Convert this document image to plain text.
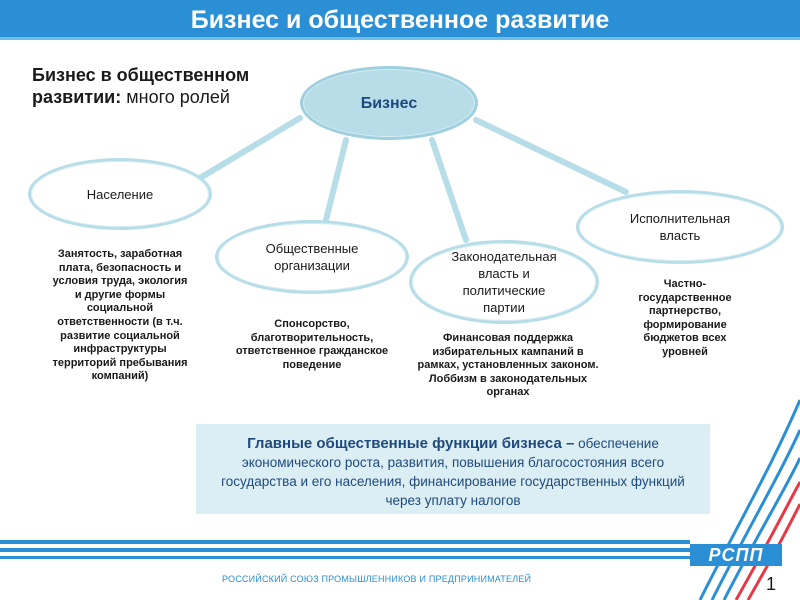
Бизнес и общественное развитие
Бизнес в общественном развитии: много ролей	Бизнес
Население
Общественные организации
Законодательная власть и политические партии
Исполнительная власть
Занятость, заработная плата, безопасность и условия труда, экология и другие формы социальной ответственности (в т.ч. развитие социальной инфраструктуры территорий пребывания компаний)
Спонсорство, благотворительность, ответственное гражданское поведение
Финансовая поддержка избирательных кампаний в рамках, установленных законом. Лоббизм в законодательных органах
Частно-государственное партнерство, формирование бюджетов всех уровней
Главные общественные функции бизнеса – обеспечение экономического роста, развития, повышения благосостояния всего государства и его населения, финансирование государственных функций через уплату налогов
РСПП
РОССИЙСКИЙ СОЮЗ ПРОМЫШЛЕННИКОВ И ПРЕДПРИНИМАТЕЛЕЙ	1
